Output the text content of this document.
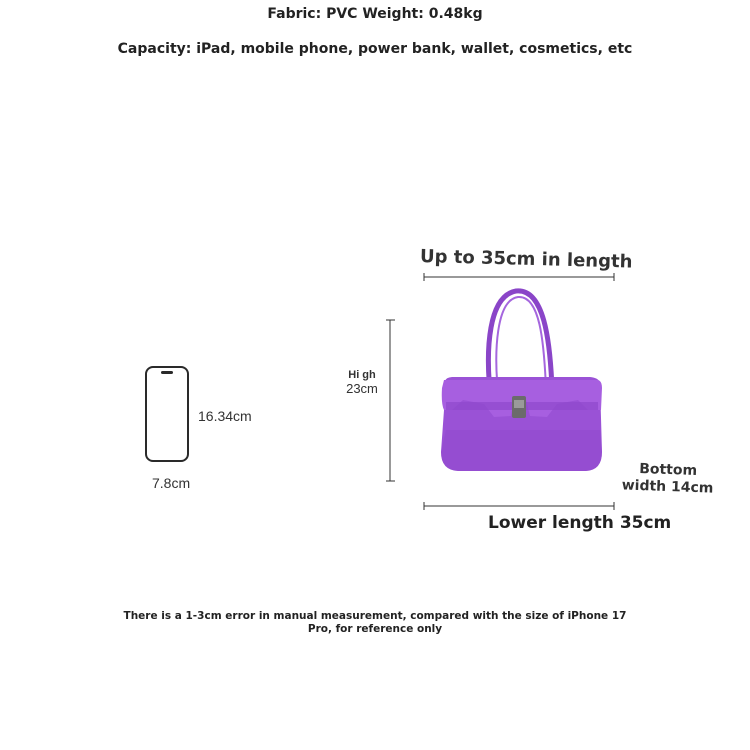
Fabric: PVC Weight: 0.48kg
Capacity: iPad, mobile phone, power bank, wallet, cosmetics, etc
16.34cm
7.8cm
Up to 35cm in length
Hi gh
23cm
Bottom
width 14cm
Lower length 35cm
There is a 1-3cm error in manual measurement, compared with the size of iPhone 17 Pro, for reference only
